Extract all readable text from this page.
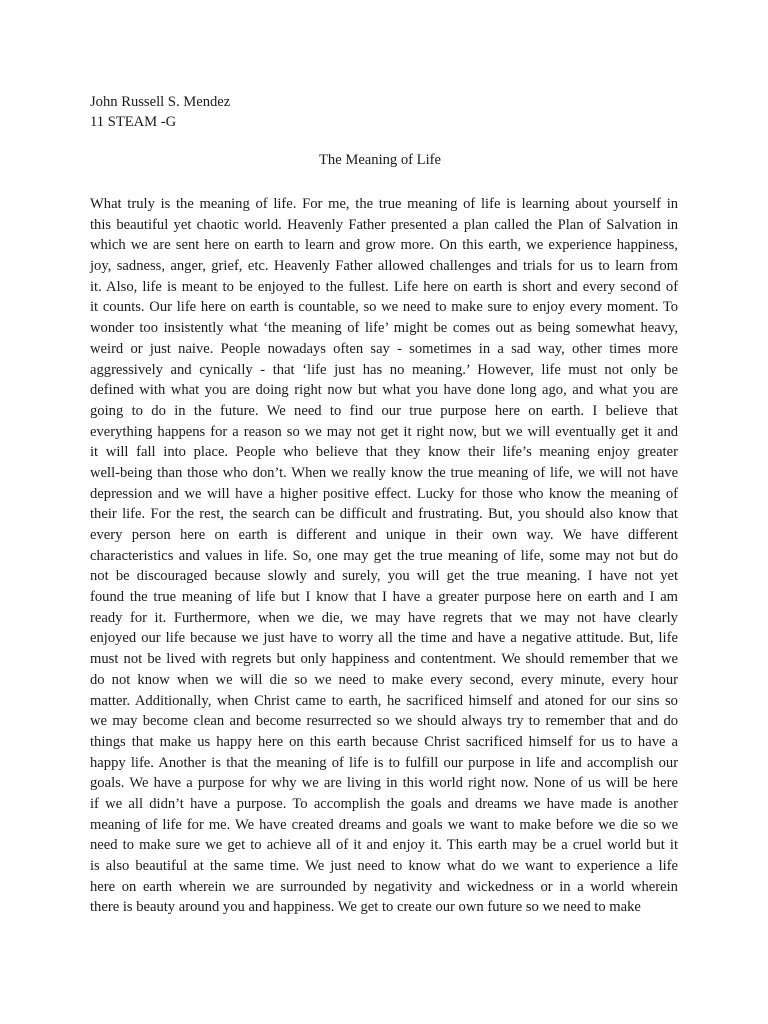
John Russell S. Mendez
11 STEAM -G
The Meaning of Life
What truly is the meaning of life. For me, the true meaning of life is learning about yourself in
this beautiful yet chaotic world. Heavenly Father presented a plan called the Plan of Salvation in
which we are sent here on earth to learn and grow more. On this earth, we experience happiness,
joy, sadness, anger, grief, etc. Heavenly Father allowed challenges and trials for us to learn from
it. Also, life is meant to be enjoyed to the fullest. Life here on earth is short and every second of
it counts. Our life here on earth is countable, so we need to make sure to enjoy every moment. To
wonder too insistently what ‘the meaning of life’ might be comes out as being somewhat heavy,
weird or just naive. People nowadays often say - sometimes in a sad way, other times more
aggressively and cynically - that ‘life just has no meaning.’ However, life must not only be
defined with what you are doing right now but what you have done long ago, and what you are
going to do in the future. We need to find our true purpose here on earth. I believe that
everything happens for a reason so we may not get it right now, but we will eventually get it and
it will fall into place. People who believe that they know their life’s meaning enjoy greater
well-being than those who don’t. When we really know the true meaning of life, we will not have
depression and we will have a higher positive effect. Lucky for those who know the meaning of
their life. For the rest, the search can be difficult and frustrating. But, you should also know that
every person here on earth is different and unique in their own way. We have different
characteristics and values in life. So, one may get the true meaning of life, some may not but do
not be discouraged because slowly and surely, you will get the true meaning. I have not yet
found the true meaning of life but I know that I have a greater purpose here on earth and I am
ready for it. Furthermore, when we die, we may have regrets that we may not have clearly
enjoyed our life because we just have to worry all the time and have a negative attitude. But, life
must not be lived with regrets but only happiness and contentment. We should remember that we
do not know when we will die so we need to make every second, every minute, every hour
matter. Additionally, when Christ came to earth, he sacrificed himself and atoned for our sins so
we may become clean and become resurrected so we should always try to remember that and do
things that make us happy here on this earth because Christ sacrificed himself for us to have a
happy life. Another is that the meaning of life is to fulfill our purpose in life and accomplish our
goals. We have a purpose for why we are living in this world right now. None of us will be here
if we all didn’t have a purpose. To accomplish the goals and dreams we have made is another
meaning of life for me. We have created dreams and goals we want to make before we die so we
need to make sure we get to achieve all of it and enjoy it. This earth may be a cruel world but it
is also beautiful at the same time. We just need to know what do we want to experience a life
here on earth wherein we are surrounded by negativity and wickedness or in a world wherein
there is beauty around you and happiness. We get to create our own future so we need to make
